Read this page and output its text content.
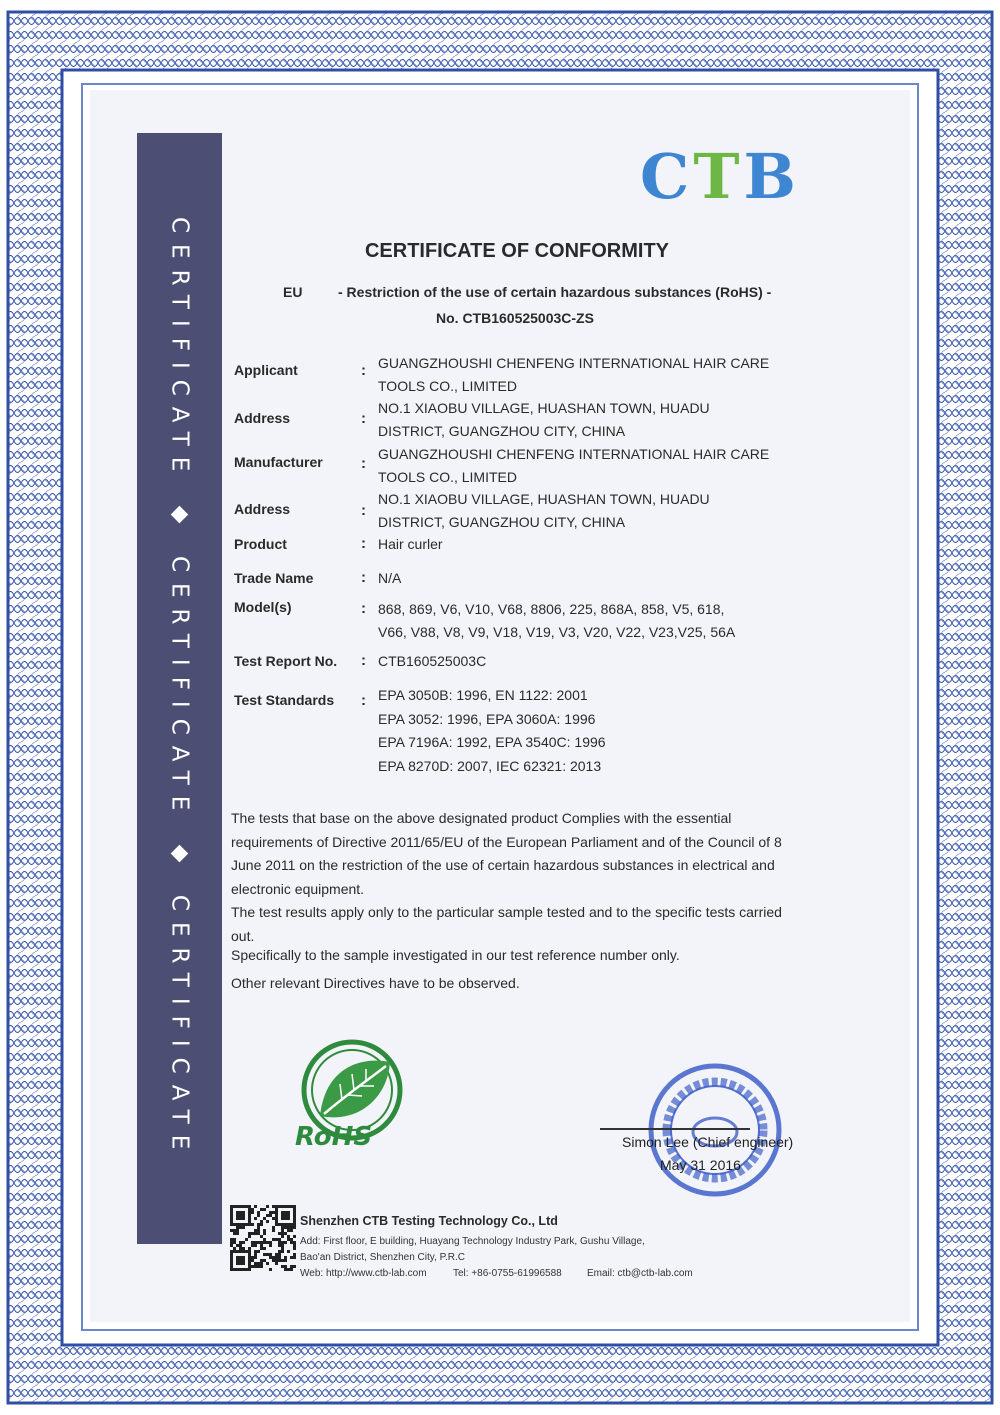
CERTIFICATE ◆ CERTIFICATE ◆ CERTIFICATE
CTB
CERTIFICATE OF CONFORMITY
EU	- Restriction of the use of certain hazardous substances (RoHS) -
No. CTB160525003C-ZS
Applicant	: GUANGZHOUSHI CHENFENG INTERNATIONAL HAIR CARE
TOOLS CO., LIMITED
Address	:
NO.1 XIAOBU VILLAGE, HUASHAN TOWN, HUADU
DISTRICT, GUANGZHOU CITY, CHINA
Manufacturer	:
GUANGZHOUSHI CHENFENG INTERNATIONAL HAIR CARE
TOOLS CO., LIMITED
Address	:
NO.1 XIAOBU VILLAGE, HUASHAN TOWN, HUADU
DISTRICT, GUANGZHOU CITY, CHINA
Product	: Hair curler
Trade Name	: N/A
Model(s)	: 868, 869, V6, V10, V68, 8806, 225, 868A, 858, V5, 618,
V66, V88, V8, V9, V18, V19, V3, V20, V22, V23,V25, 56A
Test Report No. : CTB160525003C
Test Standards : EPA 3050B: 1996, EN 1122: 2001
EPA 3052: 1996, EPA 3060A: 1996
EPA 7196A: 1992, EPA 3540C: 1996
EPA 8270D: 2007, IEC 62321: 2013
The tests that base on the above designated product Complies with the essential
requirements of Directive 2011/65/EU of the European Parliament and of the Council of 8
June 2011 on the restriction of the use of certain hazardous substances in electrical and
electronic equipment.
The test results apply only to the particular sample tested and to the specific tests carried
out.
Specifically to the sample investigated in our test reference number only.
Other relevant Directives have to be observed.
RoHS	Simon Lee (Chief engineer)
May 31 2016
Shenzhen CTB Testing Technology Co., Ltd
Add: First floor, E building, Huayang Technology Industry Park, Gushu Village,
Bao'an District, Shenzhen City, P.R.C
Web: http://www.ctb-lab.com	Tel: +86-0755-61996588	Email: ctb@ctb-lab.com
